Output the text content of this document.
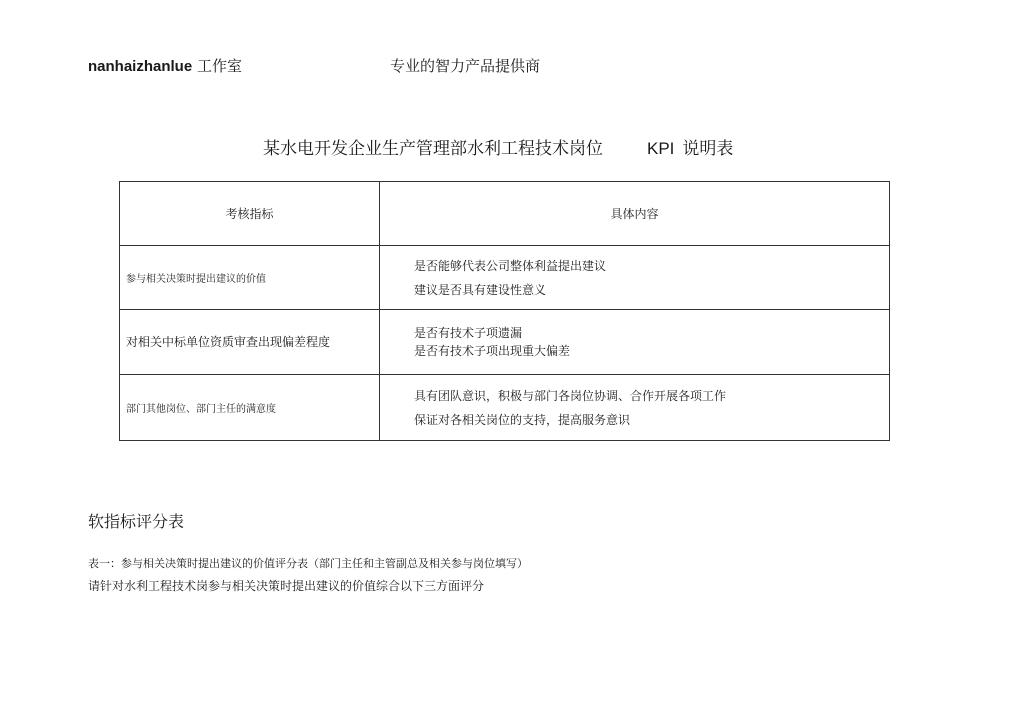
nanhaizhanlue 工作室	专业的智力产品提供商
某水电开发企业生产管理部水利工程技术岗位	KPI 说明表
考核指标	具体内容
参与相关决策时提出建议的价值	是否能够代表公司整体利益提出建议
建议是否具有建设性意义

对相关中标单位资质审查出现偏差程度	是否有技术子项遗漏
是否有技术子项出现重大偏差

部门其他岗位、部门主任的满意度	具有团队意识，积极与部门各岗位协调、合作开展各项工作
保证对各相关岗位的支持，提高服务意识
软指标评分表
表一：参与相关决策时提出建议的价值评分表（部门主任和主管副总及相关参与岗位填写）
请针对水利工程技术岗参与相关决策时提出建议的价值综合以下三方面评分
